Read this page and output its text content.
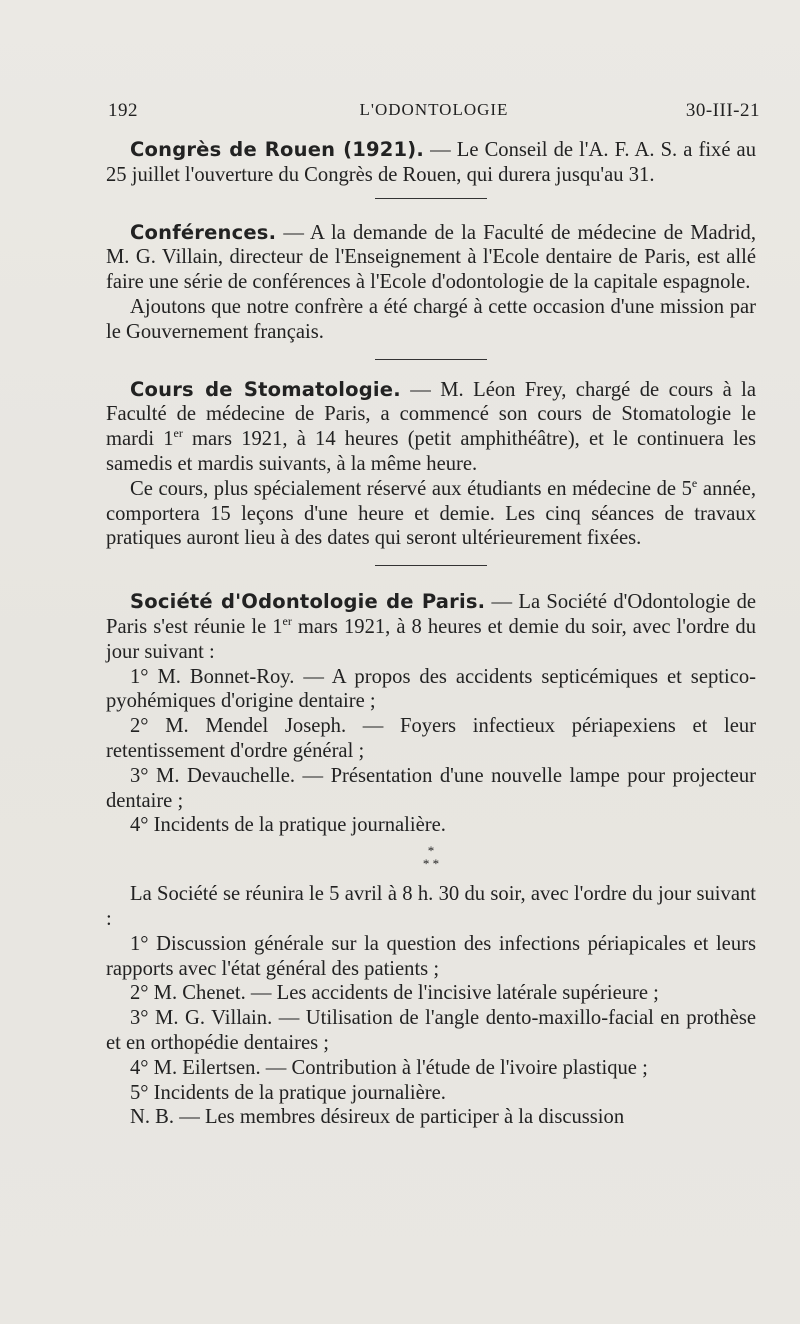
192	L'ODONTOLOGIE	30-III-21

Congrès de Rouen (1921). — Le Conseil de l'A. F. A. S. a fixé au 25 juillet l'ouverture du Congrès de Rouen, qui durera jusqu'au 31.

Conférences. — A la demande de la Faculté de médecine de Madrid, M. G. Villain, directeur de l'Enseignement à l'Ecole dentaire de Paris, est allé faire une série de conférences à l'Ecole d'odontologie de la capitale espagnole.

Ajoutons que notre confrère a été chargé à cette occasion d'une mission par le Gouvernement français.

Cours de Stomatologie. — M. Léon Frey, chargé de cours à la Faculté de médecine de Paris, a commencé son cours de Stomatologie le mardi 1er mars 1921, à 14 heures (petit amphithéâtre), et le continuera les samedis et mardis suivants, à la même heure.

Ce cours, plus spécialement réservé aux étudiants en médecine de 5e année, comportera 15 leçons d'une heure et demie. Les cinq séances de travaux pratiques auront lieu à des dates qui seront ultérieurement fixées.

Société d'Odontologie de Paris. — La Société d'Odontologie de Paris s'est réunie le 1er mars 1921, à 8 heures et demie du soir, avec l'ordre du jour suivant :

1° M. Bonnet-Roy. — A propos des accidents septicémiques et septico-pyohémiques d'origine dentaire ;

2° M. Mendel Joseph. — Foyers infectieux périapexiens et leur retentissement d'ordre général ;

3° M. Devauchelle. — Présentation d'une nouvelle lampe pour projecteur dentaire ;

4° Incidents de la pratique journalière.

*
* *

La Société se réunira le 5 avril à 8 h. 30 du soir, avec l'ordre du jour suivant :

1° Discussion générale sur la question des infections périapicales et leurs rapports avec l'état général des patients ;

2° M. Chenet. — Les accidents de l'incisive latérale supérieure ;

3° M. G. Villain. — Utilisation de l'angle dento-maxillo-facial en prothèse et en orthopédie dentaires ;

4° M. Eilertsen. — Contribution à l'étude de l'ivoire plastique ;

5° Incidents de la pratique journalière.

N. B. — Les membres désireux de participer à la discussion
